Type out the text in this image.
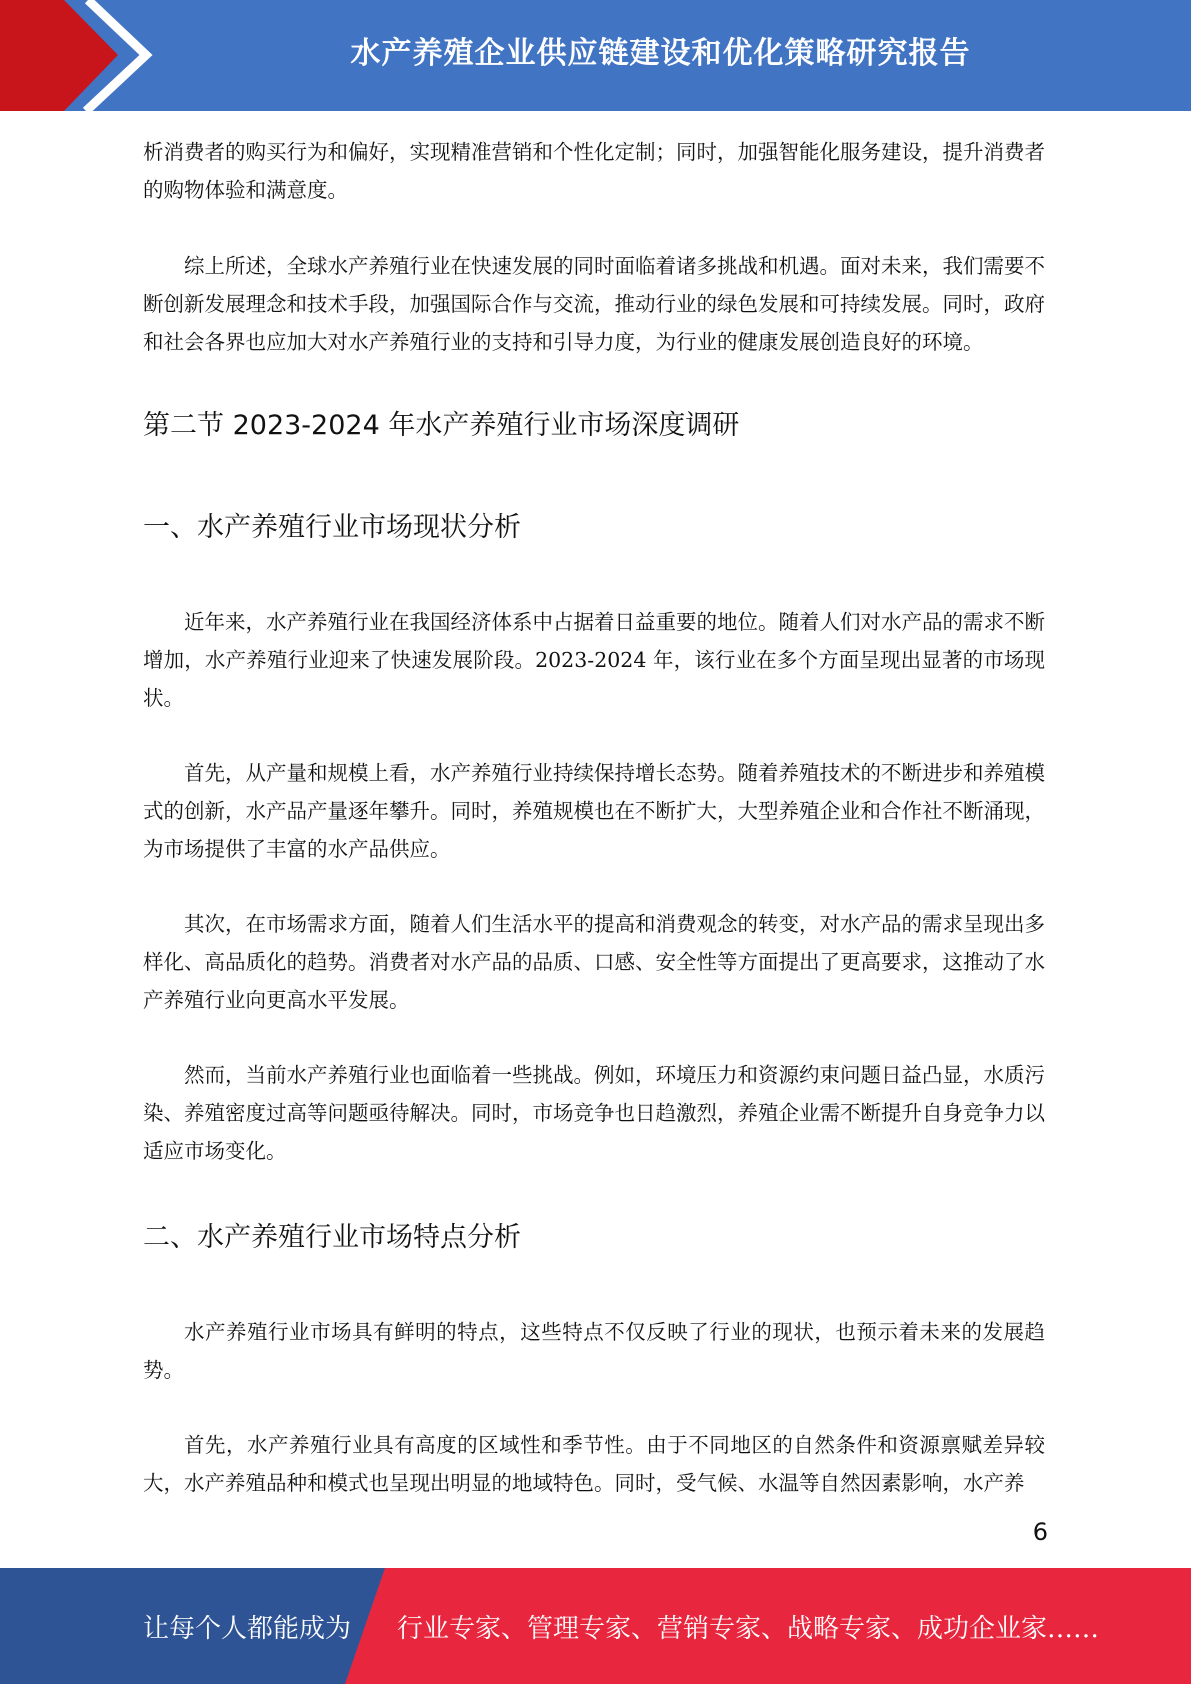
水产养殖企业供应链建设和优化策略研究报告

析消费者的购买行为和偏好，实现精准营销和个性化定制；同时，加强智能化服务建设，提升消费者的购物体验和满意度。

综上所述，全球水产养殖行业在快速发展的同时面临着诸多挑战和机遇。面对未来，我们需要不断创新发展理念和技术手段，加强国际合作与交流，推动行业的绿色发展和可持续发展。同时，政府和社会各界也应加大对水产养殖行业的支持和引导力度，为行业的健康发展创造良好的环境。

第二节 2023-2024 年水产养殖行业市场深度调研
一、水产养殖行业市场现状分析

近年来，水产养殖行业在我国经济体系中占据着日益重要的地位。随着人们对水产品的需求不断增加，水产养殖行业迎来了快速发展阶段。2023-2024 年，该行业在多个方面呈现出显著的市场现状。

首先，从产量和规模上看，水产养殖行业持续保持增长态势。随着养殖技术的不断进步和养殖模式的创新，水产品产量逐年攀升。同时，养殖规模也在不断扩大，大型养殖企业和合作社不断涌现，为市场提供了丰富的水产品供应。

其次，在市场需求方面，随着人们生活水平的提高和消费观念的转变，对水产品的需求呈现出多样化、高品质化的趋势。消费者对水产品的品质、口感、安全性等方面提出了更高要求，这推动了水产养殖行业向更高水平发展。

然而，当前水产养殖行业也面临着一些挑战。例如，环境压力和资源约束问题日益凸显，水质污染、养殖密度过高等问题亟待解决。同时，市场竞争也日趋激烈，养殖企业需不断提升自身竞争力以适应市场变化。

二、水产养殖行业市场特点分析

水产养殖行业市场具有鲜明的特点，这些特点不仅反映了行业的现状，也预示着未来的发展趋势。

首先，水产养殖行业具有高度的区域性和季节性。由于不同地区的自然条件和资源禀赋差异较大，水产养殖品种和模式也呈现出明显的地域特色。同时，受气候、水温等自然因素影响，水产养

6
让每个人都能成为 行业专家、管理专家、营销专家、战略专家、成功企业家……
